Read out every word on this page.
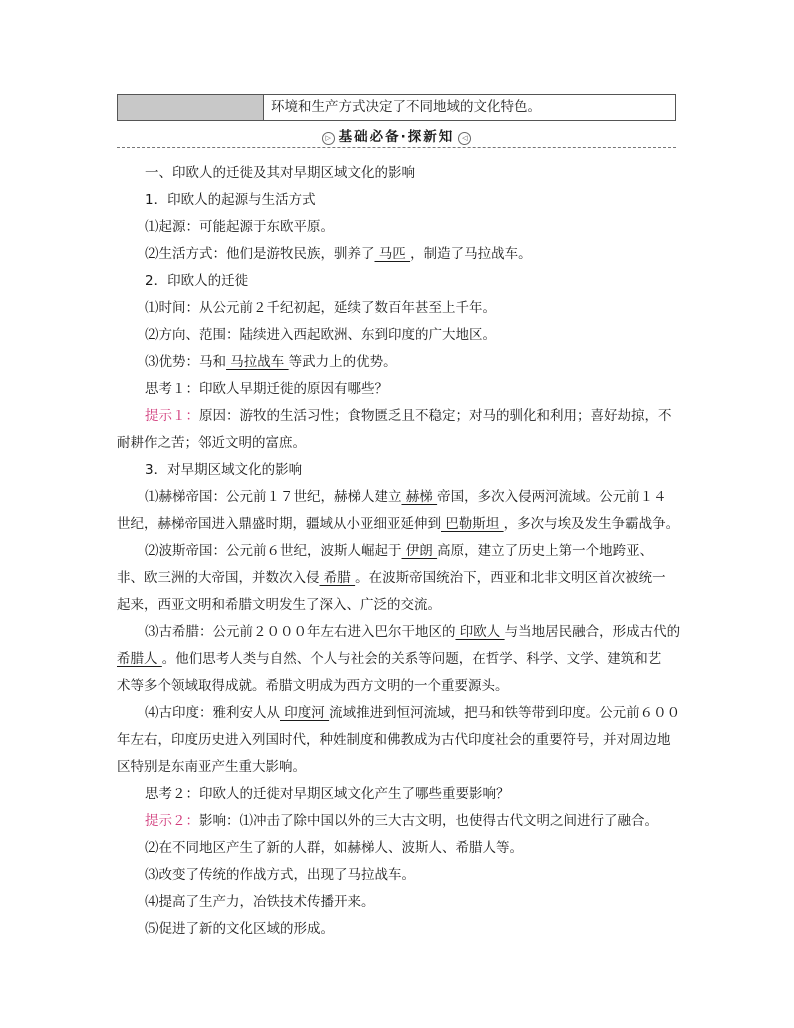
环境和生产方式决定了不同地域的文化特色。
▷ 基础必备·探新知 ◁

一、印欧人的迁徙及其对早期区域文化的影响

1．印欧人的起源与生活方式

⑴起源：可能起源于东欧平原。

⑵生活方式：他们是游牧民族，驯养了 马匹 ，制造了马拉战车。

2．印欧人的迁徙

⑴时间：从公元前２千纪初起，延续了数百年甚至上千年。

⑵方向、范围：陆续进入西起欧洲、东到印度的广大地区。

⑶优势：马和 马拉战车 等武力上的优势。

思考１：印欧人早期迁徙的原因有哪些？

提示１：原因：游牧的生活习性；食物匮乏且不稳定；对马的驯化和利用；喜好劫掠，不

耐耕作之苦；邻近文明的富庶。

3．对早期区域文化的影响

⑴赫梯帝国：公元前１７世纪，赫梯人建立 赫梯 帝国，多次入侵两河流域。公元前１４

世纪，赫梯帝国进入鼎盛时期，疆域从小亚细亚延伸到 巴勒斯坦 ，多次与埃及发生争霸战争。

⑵波斯帝国：公元前６世纪，波斯人崛起于 伊朗 高原，建立了历史上第一个地跨亚、

非、欧三洲的大帝国，并数次入侵 希腊 。在波斯帝国统治下，西亚和北非文明区首次被统一

起来，西亚文明和希腊文明发生了深入、广泛的交流。

⑶古希腊：公元前２０００年左右进入巴尔干地区的 印欧人 与当地居民融合，形成古代的

希腊人 。他们思考人类与自然、个人与社会的关系等问题，在哲学、科学、文学、建筑和艺

术等多个领域取得成就。希腊文明成为西方文明的一个重要源头。

⑷古印度：雅利安人从 印度河 流域推进到恒河流域，把马和铁等带到印度。公元前６００

年左右，印度历史进入列国时代，种姓制度和佛教成为古代印度社会的重要符号，并对周边地

区特别是东南亚产生重大影响。

思考２：印欧人的迁徙对早期区域文化产生了哪些重要影响？

提示２：影响：⑴冲击了除中国以外的三大古文明，也使得古代文明之间进行了融合。

⑵在不同地区产生了新的人群，如赫梯人、波斯人、希腊人等。

⑶改变了传统的作战方式，出现了马拉战车。

⑷提高了生产力，冶铁技术传播开来。

⑸促进了新的文化区域的形成。
